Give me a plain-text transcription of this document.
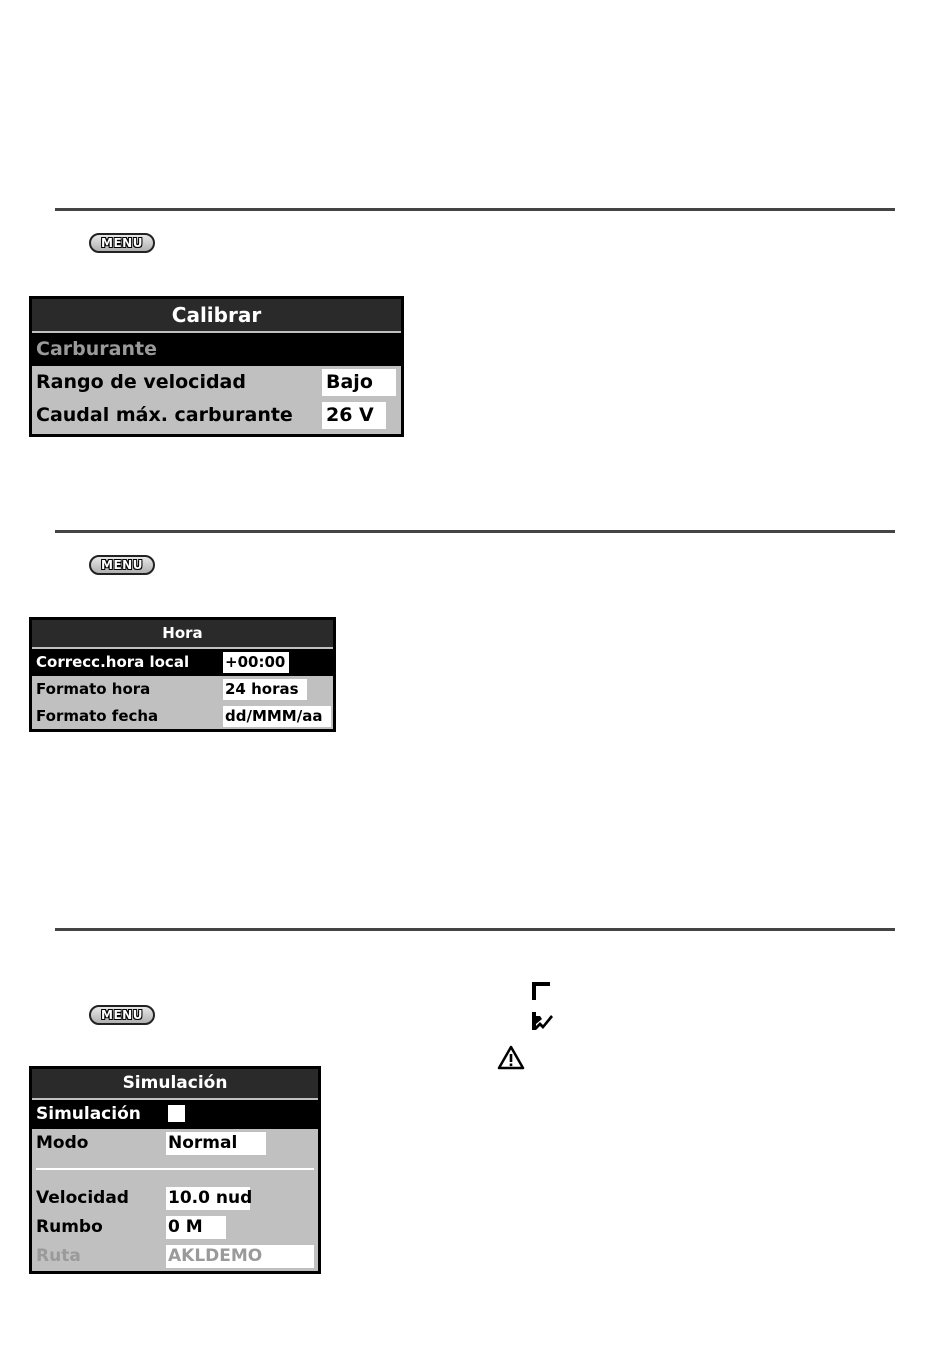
MENU
Calibrar
Carburante
Rango de velocidad	Bajo
Caudal máx. carburante 26 V
MENU
Hora
Correcc.hora local +00:00
Formato hora	24 horas
Formato fecha	dd/MMM/aa
MENU
Simulación
Simulación
Modo	Normal
Velocidad 10.0 nud
Rumbo	0 M
Ruta	AKLDEMO
